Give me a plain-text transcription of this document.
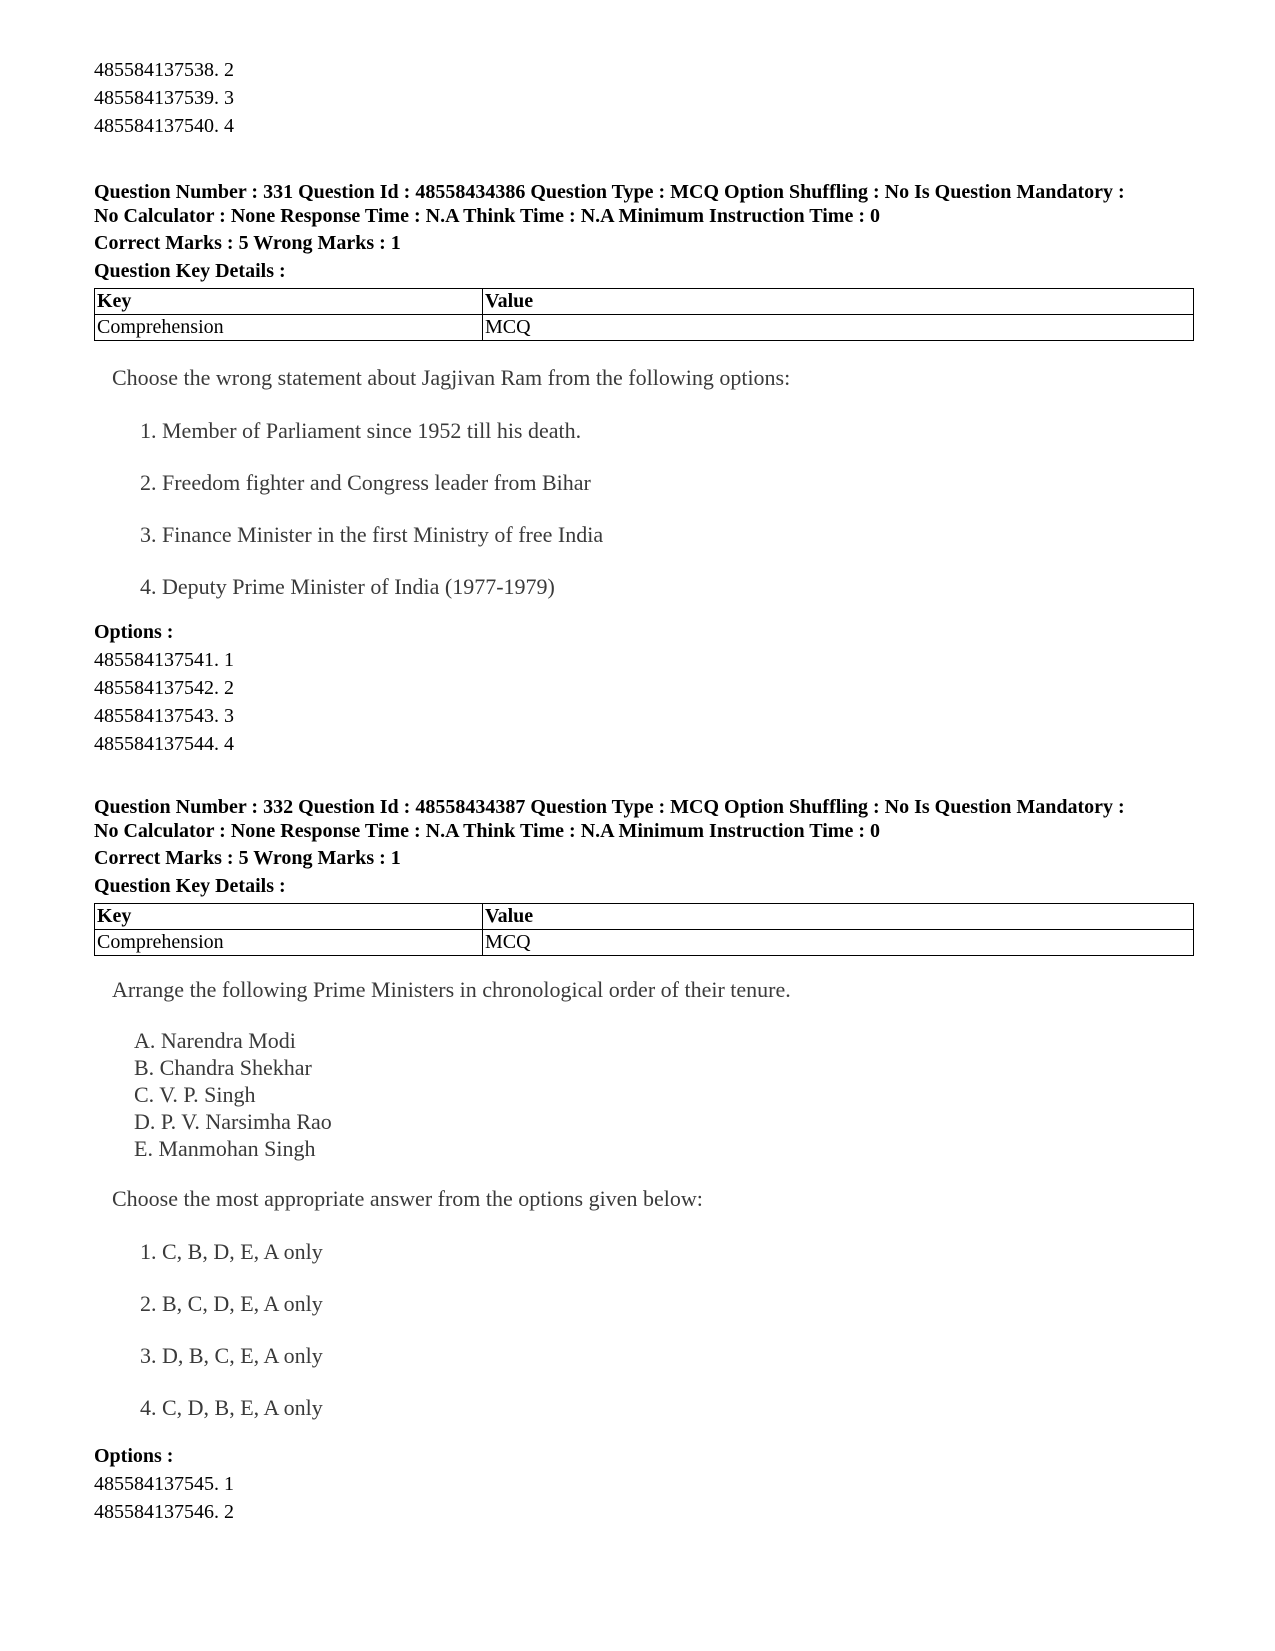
485584137538. 2
485584137539. 3
485584137540. 4
Question Number : 331 Question Id : 48558434386 Question Type : MCQ Option Shuffling : No Is Question Mandatory :
No Calculator : None Response Time : N.A Think Time : N.A Minimum Instruction Time : 0
Correct Marks : 5 Wrong Marks : 1
Question Key Details :
Key	Value
Comprehension	MCQ
Choose the wrong statement about Jagjivan Ram from the following options:
1. Member of Parliament since 1952 till his death.
2. Freedom fighter and Congress leader from Bihar
3. Finance Minister in the first Ministry of free India
4. Deputy Prime Minister of India (1977-1979)
Options :
485584137541. 1
485584137542. 2
485584137543. 3
485584137544. 4
Question Number : 332 Question Id : 48558434387 Question Type : MCQ Option Shuffling : No Is Question Mandatory :
No Calculator : None Response Time : N.A Think Time : N.A Minimum Instruction Time : 0
Correct Marks : 5 Wrong Marks : 1
Question Key Details :
Key	Value
Comprehension	MCQ
Arrange the following Prime Ministers in chronological order of their tenure.
A. Narendra Modi
B. Chandra Shekhar
C. V. P. Singh
D. P. V. Narsimha Rao
E. Manmohan Singh
Choose the most appropriate answer from the options given below:
1. C, B, D, E, A only
2. B, C, D, E, A only
3. D, B, C, E, A only
4. C, D, B, E, A only
Options :
485584137545. 1
485584137546. 2
